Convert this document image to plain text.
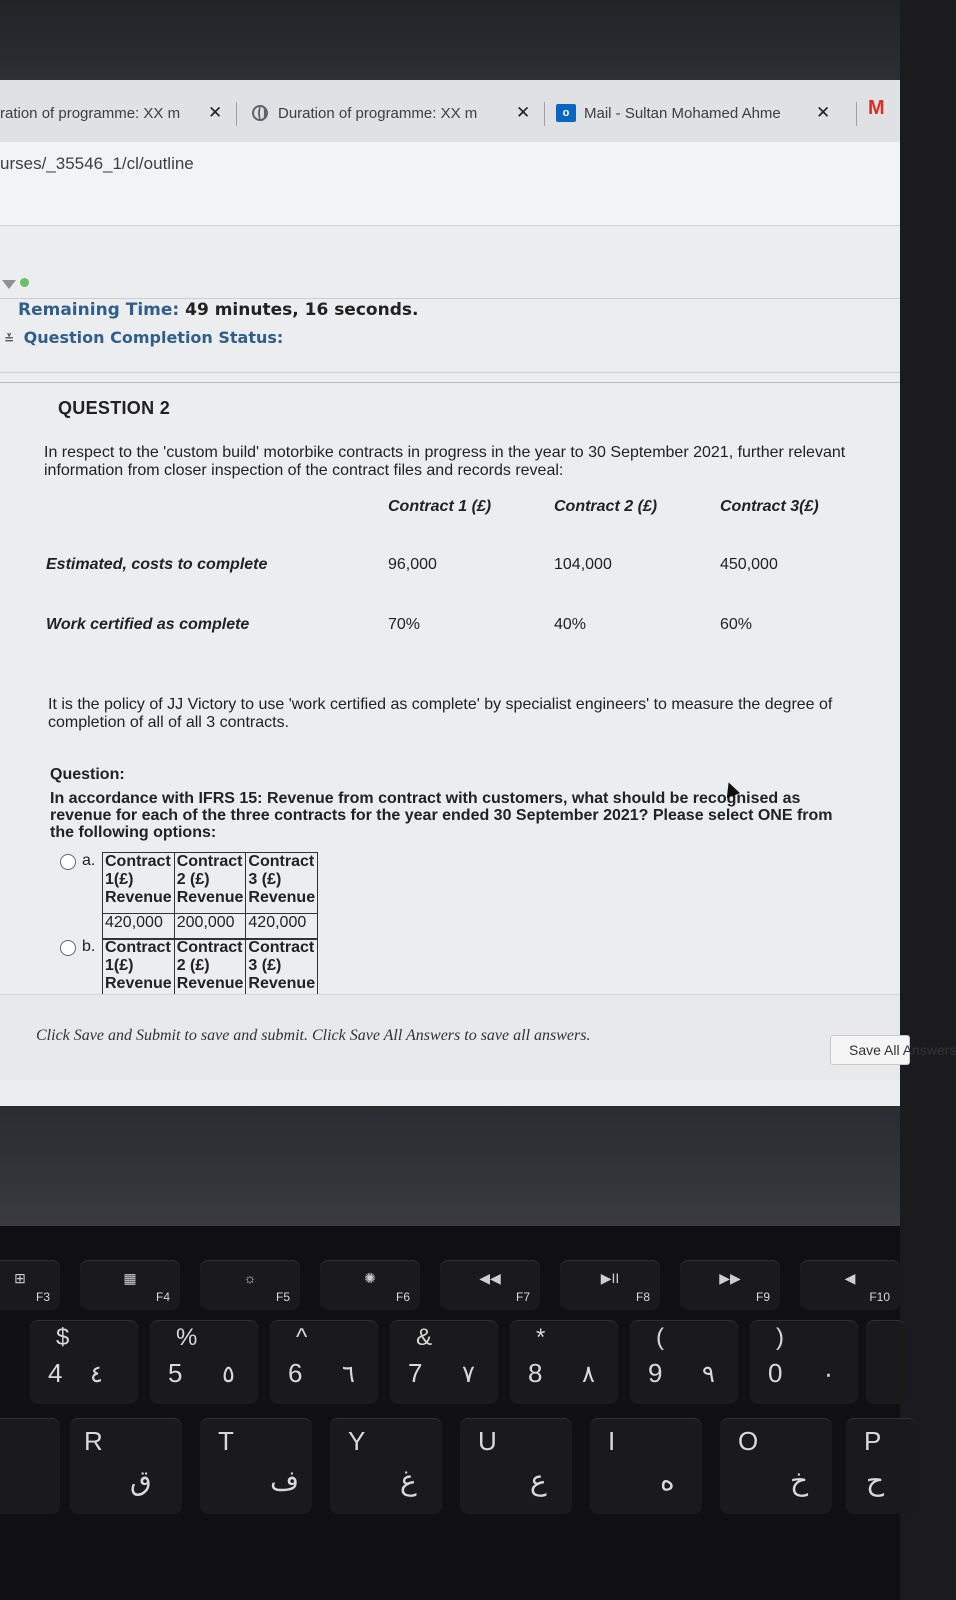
ration of programme: XX m	✕	Duration of programme: XX m	✕	o Mail - Sultan Mohamed Ahme	✕ M
urses/_35546_1/cl/outline
Remaining Time: 49 minutes, 16 seconds.
≚ Question Completion Status:
QUESTION 2
In respect to the 'custom build' motorbike contracts in progress in the year to 30 September 2021, further relevant
information from closer inspection of the contract files and records reveal:
Contract 1 (£)	Contract 2 (£)	Contract 3(£)
Estimated, costs to complete	96,000	104,000	450,000
Work certified as complete	70%	40%	60%
It is the policy of JJ Victory to use 'work certified as complete' by specialist engineers' to measure the degree of
completion of all of all 3 contracts.
Question:
In accordance with IFRS 15: Revenue from contract with customers, what should be recognised as
revenue for each of the three contracts for the year ended 30 September 2021? Please select ONE from
the following options:
a. Contract 1(£)	Contract 2 (£)	Contract 3 (£)
Revenue	Revenue	Revenue
420,000	200,000	420,000
b. Contract 1(£)	Contract 2 (£)	Contract 3 (£)
Revenue	Revenue	Revenue
Click Save and Submit to save and submit. Click Save All Answers to save all answers.
Save All Answers
⊞
F3
▦
F4
☼
F5
✺
F6
◀◀
F7
▶II
F8
▶▶
F9
◀
F10
$
4 ٤
%
5 ٥
^
6 ٦
&
7 ٧
*
8 ٨
(
9 ٩
)
0 ٠
R
ق
T
ف
Y
غ
U
ع
I
ه
O
خ
P
ح
